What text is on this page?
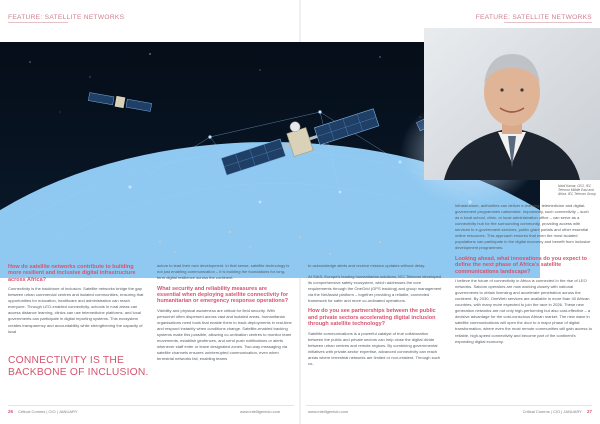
FEATURE: SATELLITE NETWORKS	FEATURE: SATELLITE NETWORKS
Nabil Kamar, CEO, IEC Telecom Middle East and Africa, IEC Telecom Group
How do satellite networks contribute to building more resilient and inclusive digital infrastructure across Africa?

Connectivity is the backbone of inclusion. Satellite networks bridge the gap between urban commercial centres and isolated communities, ensuring that opportunities for education, healthcare and administration can reach everyone. Through LEO-enabled connectivity, schools in rural areas can access distance learning, clinics can use telemedicine platforms, and local governments can participate in digital reporting systems. This ecosystem creates transparency and accountability while strengthening the capacity of local

actors to lead their own development. In that sense, satellite technology is not just enabling communication – it is building the foundations for long-term digital resilience across the continent.

What security and reliability measures are essential when deploying satellite connectivity for humanitarian or emergency response operations?

Visibility and physical awareness are critical for field security. With personnel often dispersed across vast and isolated areas, humanitarian organisations need tools that enable them to track deployments in real-time and respond instantly when conditions change. Satellite-enabled tracking systems make this possible, allowing co-ordination centres to monitor team movements, establish geofences, and send push notifications or alerts whenever staff enter or leave designated zones. Two-way messaging via satellite channels ensures uninterrupted communication, even when terrestrial networks fail, enabling teams

to acknowledge alerts and receive mission updates without delay.

At SIAS, Europe's leading humanitarian solutions, IEC Telecom developed its comprehensive safety ecosystem, which addresses the core requirements through the OneGrid (GPS tracking) and group management via the NetAssist platform – together providing a reliable, connected framework for safer and more co-ordinated operations.

How do you see partnerships between the public and private sectors accelerating digital inclusion through satellite technology?

Satellite communications is a powerful catalyst of true collaboration between the public and private sectors can help close the digital divide between urban centres and remote regions. By combining governmental initiatives with private-sector expertise, advanced connectivity can reach areas where terrestrial networks are limited or non-existent. Through such co-

infrastructure, authorities can deliver e-learning, telemedicine and digital-government programmes nationwide. Importantly, such connectivity – such as a local school, clinic, or local administration office – can serve as a connectivity hub for the surrounding community, providing access with services to e-government services, public grant portals and other essential online resources. This approach ensures that even the most isolated populations can participate in the digital economy and benefit from inclusive development programmes.

Looking ahead, what innovations do you expect to define the next phase of Africa's satellite communications landscape?

I believe the future of connectivity in Africa is connected in the rise of LEO networks. Satcom operators are now working closely with national governments to obtain licensing and accelerate penetration across the continent. By 2030, OneWeb services are available in more than 40 African countries, with many more expected to join the race in 2026. These new generation networks are not only high-performing but also cost-effective – a decisive advantage for the cost-conscious African market. The new wave in satellite communications will open the door to a major phase of digital transformation, where even the most remote communities will gain access to reliable, high-speed connectivity and become part of the continent's expanding digital economy.

CONNECTIVITY IS THE BACKBONE OF INCLUSION.
26 Critical Comms | CIO | JANUARY	www.intelligentcio.com	www.intelligentcio.com	Critical Comms | CIO | JANUARY 27
